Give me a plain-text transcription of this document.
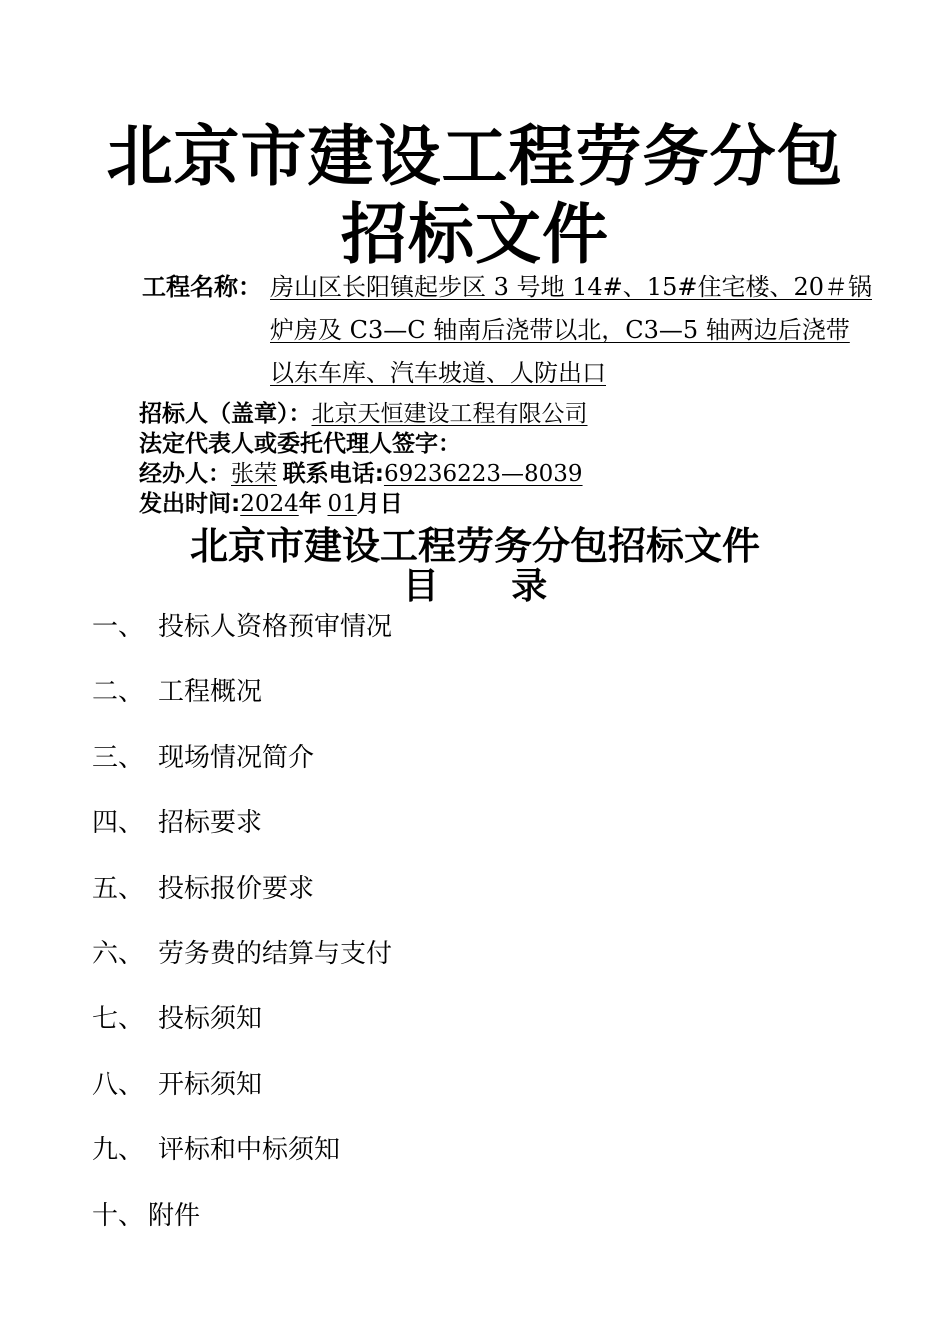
北京市建设工程劳务分包
招标文件
工程名称： 房山区长阳镇起步区 3 号地 14#、15#住宅楼、20＃锅炉房及 C3—C 轴南后浇带以北，C3—5 轴两边后浇带以东车库、汽车坡道、人防出口
招标人（盖章）：北京天恒建设工程有限公司
法定代表人或委托代理人签字：
经办人：张荣 联系电话:69236223—8039
发出时间:2024年 01月日
北京市建设工程劳务分包招标文件
目 录
一、 投标人资格预审情况
二、 工程概况
三、 现场情况简介
四、 招标要求
五、 投标报价要求
六、 劳务费的结算与支付
七、 投标须知
八、 开标须知
九、 评标和中标须知
十、 附件
